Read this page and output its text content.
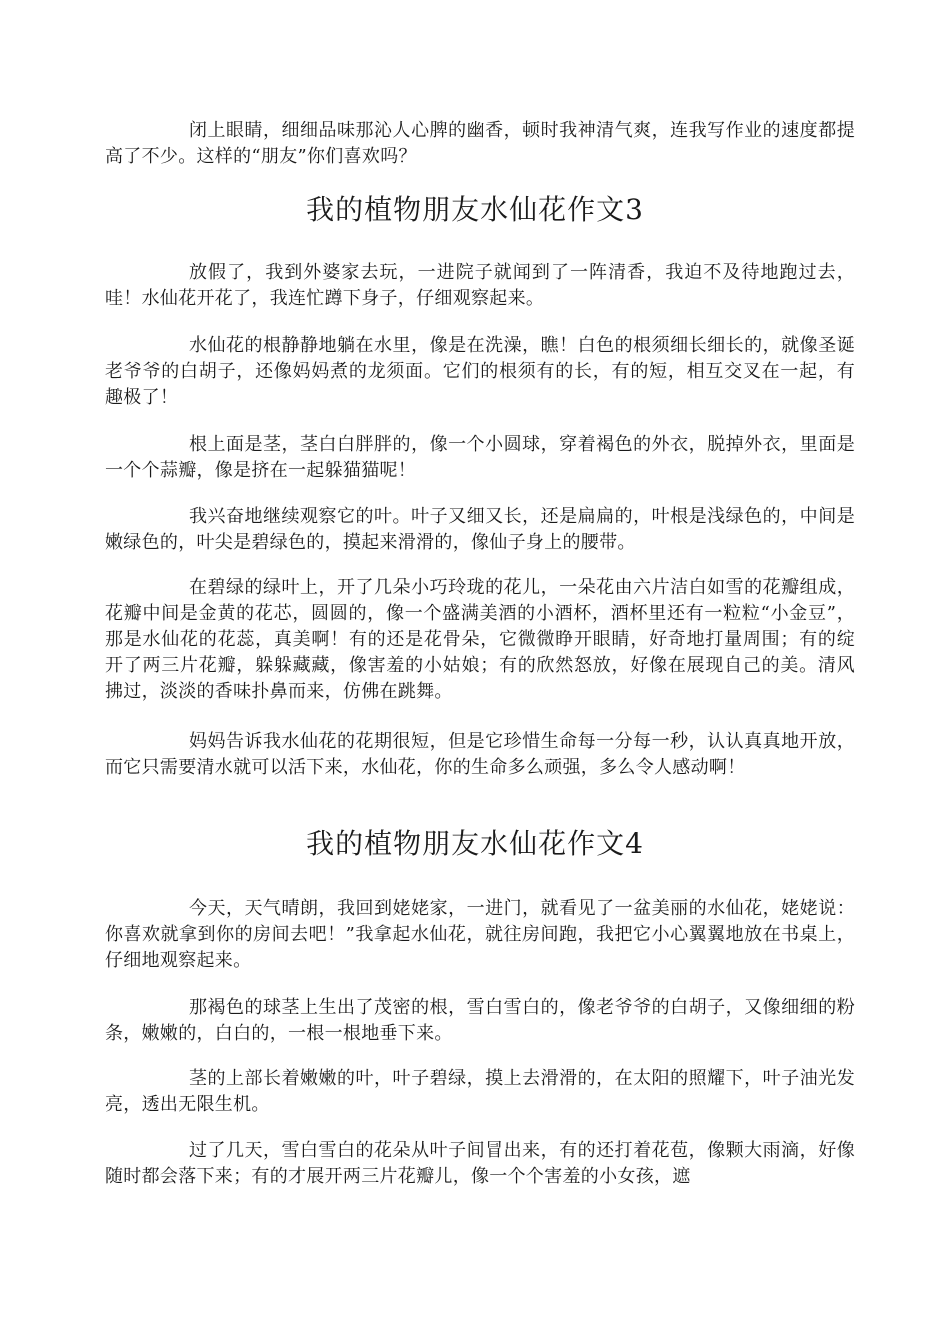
闭上眼睛，细细品味那沁人心脾的幽香，顿时我神清气爽，连我写作业的速度都提高了不少。这样的“朋友”你们喜欢吗？

我的植物朋友水仙花作文3

放假了，我到外婆家去玩，一进院子就闻到了一阵清香，我迫不及待地跑过去，哇！水仙花开花了，我连忙蹲下身子，仔细观察起来。

水仙花的根静静地躺在水里，像是在洗澡，瞧！白色的根须细长细长的，就像圣诞老爷爷的白胡子，还像妈妈煮的龙须面。它们的根须有的长，有的短，相互交叉在一起，有趣极了！

根上面是茎，茎白白胖胖的，像一个小圆球，穿着褐色的外衣，脱掉外衣，里面是一个个蒜瓣，像是挤在一起躲猫猫呢！

我兴奋地继续观察它的叶。叶子又细又长，还是扁扁的，叶根是浅绿色的，中间是嫩绿色的，叶尖是碧绿色的，摸起来滑滑的，像仙子身上的腰带。

在碧绿的绿叶上，开了几朵小巧玲珑的花儿，一朵花由六片洁白如雪的花瓣组成，花瓣中间是金黄的花芯，圆圆的，像一个盛满美酒的小酒杯，酒杯里还有一粒粒“小金豆”，那是水仙花的花蕊，真美啊！有的还是花骨朵，它微微睁开眼睛，好奇地打量周围；有的绽开了两三片花瓣，躲躲藏藏，像害羞的小姑娘；有的欣然怒放，好像在展现自己的美。清风拂过，淡淡的香味扑鼻而来，仿佛在跳舞。

妈妈告诉我水仙花的花期很短，但是它珍惜生命每一分每一秒，认认真真地开放，而它只需要清水就可以活下来，水仙花，你的生命多么顽强，多么令人感动啊！

我的植物朋友水仙花作文4

今天，天气晴朗，我回到姥姥家，一进门，就看见了一盆美丽的水仙花，姥姥说：你喜欢就拿到你的房间去吧！”我拿起水仙花，就往房间跑，我把它小心翼翼地放在书桌上，仔细地观察起来。

那褐色的球茎上生出了茂密的根，雪白雪白的，像老爷爷的白胡子，又像细细的粉条，嫩嫩的，白白的，一根一根地垂下来。

茎的上部长着嫩嫩的叶，叶子碧绿，摸上去滑滑的，在太阳的照耀下，叶子油光发亮，透出无限生机。

过了几天，雪白雪白的花朵从叶子间冒出来，有的还打着花苞，像颗大雨滴，好像随时都会落下来；有的才展开两三片花瓣儿，像一个个害羞的小女孩，遮
